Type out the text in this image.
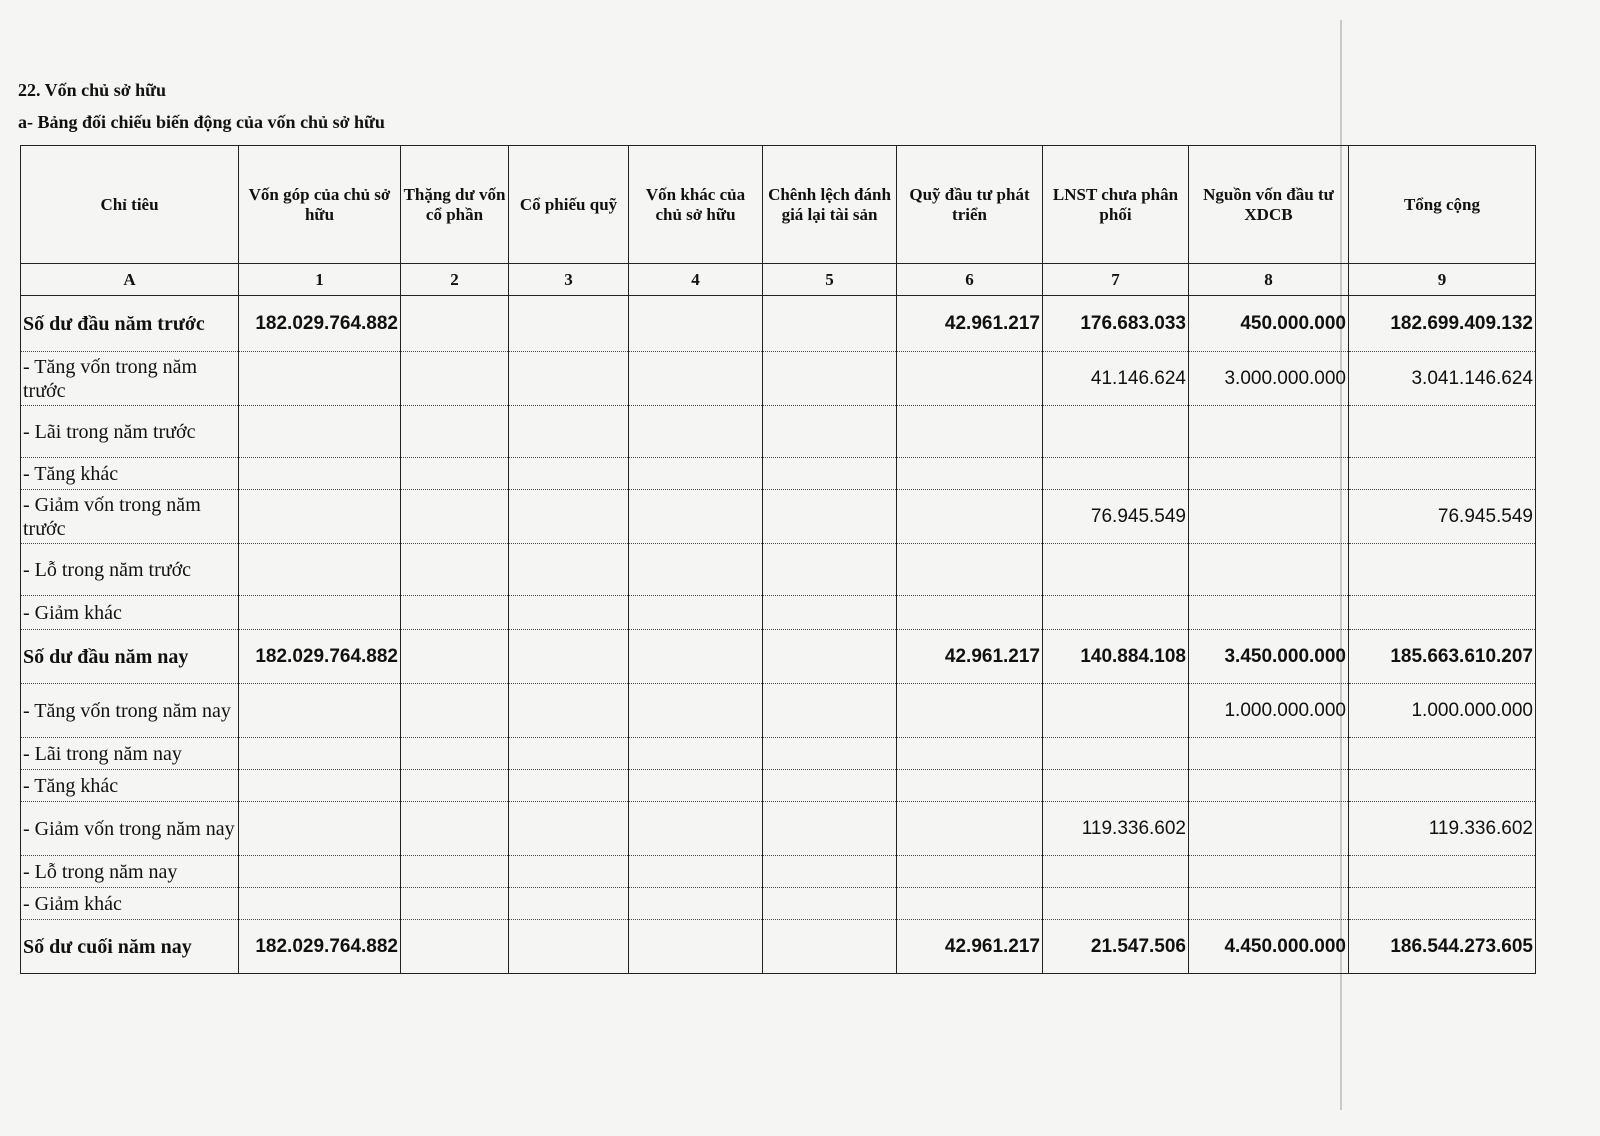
22. Vốn chủ sở hữu
a- Bảng đối chiếu biến động của vốn chủ sở hữu
Chỉ tiêu	Vốn góp của chủ sở hữu	Thặng dư vốn cổ phần	Cổ phiếu quỹ	Vốn khác của chủ sở hữu	Chênh lệch đánh giá lại tài sản	Quỹ đầu tư phát triển	LNST chưa phân phối	Nguồn vốn đầu tư XDCB	Tổng cộng
A	1	2	3	4	5	6	7	8	9
Số dư đầu năm trước	182.029.764.882					42.961.217	176.683.033	450.000.000	182.699.409.132
- Tăng vốn trong năm trước							41.146.624	3.000.000.000	3.041.146.624
- Lãi trong năm trước									
- Tăng khác									
- Giảm vốn trong năm trước							76.945.549		76.945.549
- Lỗ trong năm trước									
- Giảm khác									
Số dư đầu năm nay	182.029.764.882					42.961.217	140.884.108	3.450.000.000	185.663.610.207
- Tăng vốn trong năm nay								1.000.000.000	1.000.000.000
- Lãi trong năm nay									
- Tăng khác									
- Giảm vốn trong năm nay							119.336.602		119.336.602
- Lỗ trong năm nay									
- Giảm khác									
Số dư cuối năm nay	182.029.764.882					42.961.217	21.547.506	4.450.000.000	186.544.273.605
